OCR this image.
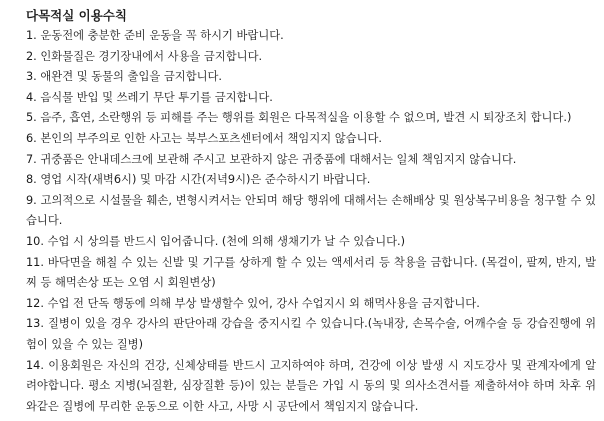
다목적실 이용수칙
1. 운동전에 충분한 준비 운동을 꼭 하시기 바랍니다.
2. 인화물질은 경기장내에서 사용을 금지합니다.
3. 애완견 및 동물의 출입을 금지합니다.
4. 음식물 반입 및 쓰레기 무단 투기를 금지합니다.
5. 음주, 흡연, 소란행위 등 피해를 주는 행위를 회원은 다목적실을 이용할 수 없으며, 발견 시 퇴장조치 합니다.)
6. 본인의 부주의로 인한 사고는 북부스포츠센터에서 책임지지 않습니다.
7. 귀중품은 안내데스크에 보관해 주시고 보관하지 않은 귀중품에 대해서는 일체 책임지지 않습니다.
8. 영업 시작(새벽6시) 및 마감 시간(저녁9시)은 준수하시기 바랍니다.
9. 고의적으로 시설물을 훼손, 변형시켜서는 안되며 해당 행위에 대해서는 손해배상 및 원상복구비용을 청구할 수 있습니다.
10. 수업 시 상의를 반드시 입어줍니다. (천에 의해 생채기가 날 수 있습니다.)
11. 바닥면을 해칠 수 있는 신발 및 기구를 상하게 할 수 있는 액세서리 등 착용을 금합니다. (목걸이, 팔찌, 반지, 발찌 등 해먹손상 또는 오염 시 회원변상)
12. 수업 전 단독 행동에 의해 부상 발생할수 있어, 강사 수업지시 외 해먹사용을 금지합니다.
13. 질병이 있을 경우 강사의 판단아래 강습을 중지시킬 수 있습니다.(녹내장, 손목수술, 어깨수술 등 강습진행에 위험이 있을 수 있는 질병)
14. 이용회원은 자신의 건강, 신체상태를 반드시 고지하여야 하며, 건강에 이상 발생 시 지도강사 및 관계자에게 알려야합니다. 평소 지병(뇌질환, 심장질환 등)이 있는 분들은 가입 시 동의 및 의사소견서를 제출하셔야 하며 차후 위와같은 질병에 무리한 운동으로 이한 사고, 사망 시 공단에서 책임지지 않습니다.
